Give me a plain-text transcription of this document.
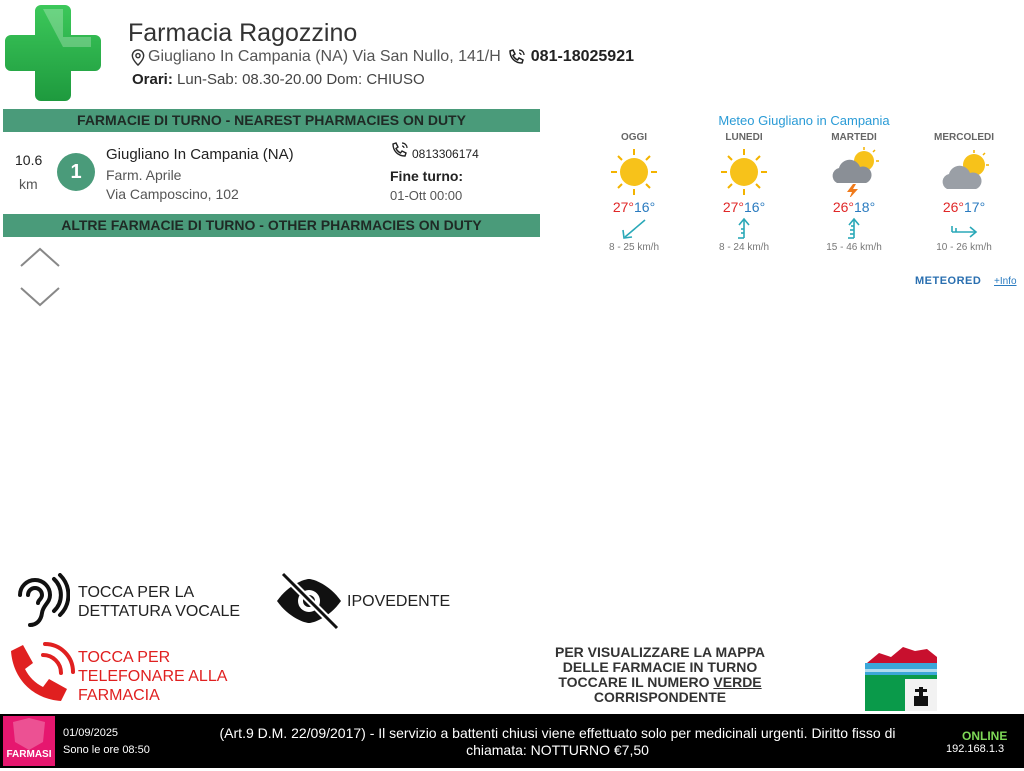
Farmacia Ragozzino
Giugliano In Campania (NA) Via San Nullo, 141/H 081-18025921
Orari: Lun-Sab: 08.30-20.00 Dom: CHIUSO
FARMACIE DI TURNO - NEAREST PHARMACIES ON DUTY
10.6
km
1
Giugliano In Campania (NA)
Farm. Aprile
Via Camposcino, 102
0813306174
Fine turno:
01-Ott 00:00
ALTRE FARMACIE DI TURNO - OTHER PHARMACIES ON DUTY
Meteo Giugliano in Campania
OGGI
27°16°
8 - 25 km/h
LUNEDI
27°16°
8 - 24 km/h
MARTEDI
26°18°
15 - 46 km/h
MERCOLEDI
26°17°
10 - 26 km/h
METEORED +Info
TOCCA PER LA
DETTATURA VOCALE
IPOVEDENTE
TOCCA PER
TELEFONARE ALLA
FARMACIA
PER VISUALIZZARE LA MAPPA
DELLE FARMACIE IN TURNO
TOCCARE IL NUMERO VERDE
CORRISPONDENTE
FARMASI
01/09/2025
Sono le ore 08:50
(Art.9 D.M. 22/09/2017) - Il servizio a battenti chiusi viene effettuato solo per medicinali urgenti. Diritto fisso di chiamata: NOTTURNO €7,50
ONLINE
192.168.1.3
